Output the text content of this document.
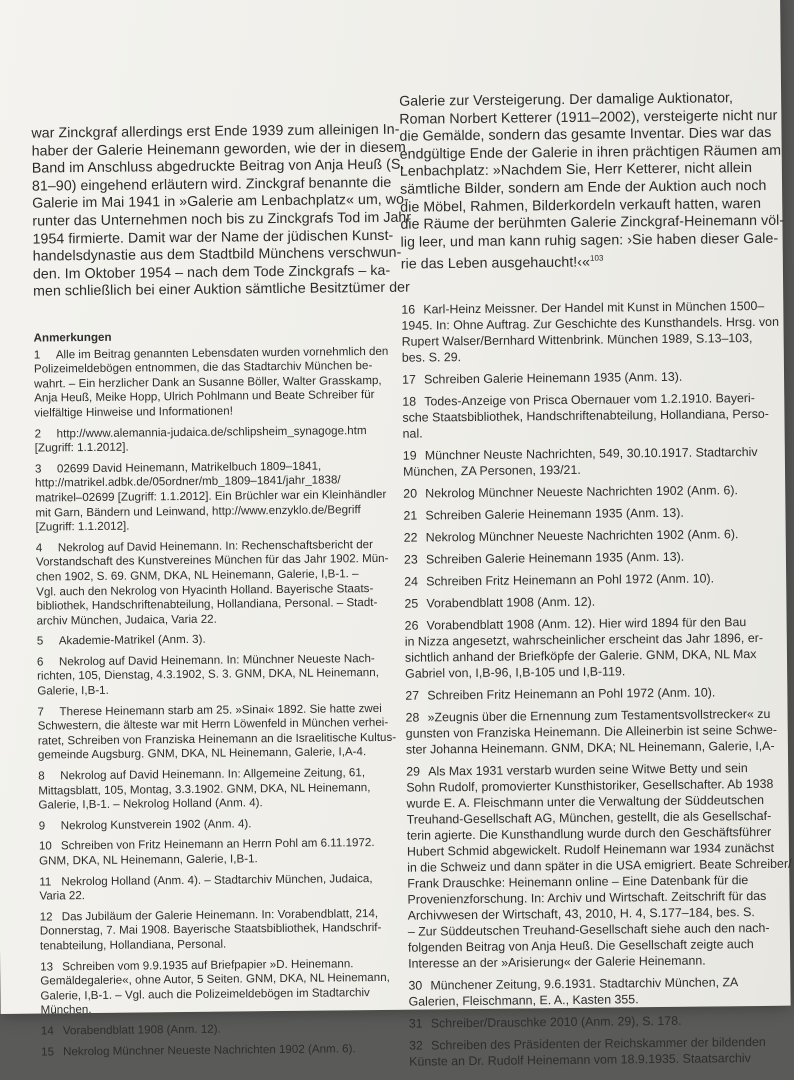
war Zinckgraf allerdings erst Ende 1939 zum alleinigen In-

haber der Galerie Heinemann geworden, wie der in diesem

Band im Anschluss abgedruckte Beitrag von Anja Heuß (S.

81–90) eingehend erläutern wird. Zinckgraf benannte die

Galerie im Mai 1941 in »Galerie am Lenbachplatz« um, wo-

runter das Unternehmen noch bis zu Zinckgrafs Tod im Jahr

1954 firmierte. Damit war der Name der jüdischen Kunst-

handelsdynastie aus dem Stadtbild Münchens verschwun-

den. Im Oktober 1954 – nach dem Tode Zinckgrafs – ka-

men schließlich bei einer Auktion sämtliche Besitztümer der

Galerie zur Versteigerung. Der damalige Auktionator,

Roman Norbert Ketterer (1911–2002), versteigerte nicht nur

die Gemälde, sondern das gesamte Inventar. Dies war das

endgültige Ende der Galerie in ihren prächtigen Räumen am

Lenbachplatz: »Nachdem Sie, Herr Ketterer, nicht allein

sämtliche Bilder, sondern am Ende der Auktion auch noch

die Möbel, Rahmen, Bilderkordeln verkauft hatten, waren

die Räume der berühmten Galerie Zinckgraf-Heinemann völ-

lig leer, und man kann ruhig sagen: ›Sie haben dieser Gale-

rie das Leben ausgehaucht!‹«$^{103}$

Anmerkungen
1 Alle im Beitrag genannten Lebensdaten wurden vornehmlich den
Polizeimeldebögen entnommen, die das Stadtarchiv München be-
wahrt. – Ein herzlicher Dank an Susanne Böller, Walter Grasskamp,
Anja Heuß, Meike Hopp, Ulrich Pohlmann und Beate Schreiber für
vielfältige Hinweise und Informationen!
2 http://www.alemannia-judaica.de/schlipsheim_synagoge.htm
[Zugriff: 1.1.2012].
3 02699 David Heinemann, Matrikelbuch 1809–1841,
http://matrikel.adbk.de/05ordner/mb_1809–1841/jahr_1838/
matrikel–02699 [Zugriff: 1.1.2012]. Ein Brüchler war ein Kleinhändler
mit Garn, Bändern und Leinwand, http://www.enzyklo.de/Begriff
[Zugriff: 1.1.2012].
4 Nekrolog auf David Heinemann. In: Rechenschaftsbericht der
Vorstandschaft des Kunstvereines München für das Jahr 1902. Mün-
chen 1902, S. 69. GNM, DKA, NL Heinemann, Galerie, I,B-1. –
Vgl. auch den Nekrolog von Hyacinth Holland. Bayerische Staats-
bibliothek, Handschriftenabteilung, Hollandiana, Personal. – Stadt-
archiv München, Judaica, Varia 22.
5 Akademie-Matrikel (Anm. 3).
6 Nekrolog auf David Heinemann. In: Münchner Neueste Nach-
richten, 105, Dienstag, 4.3.1902, S. 3. GNM, DKA, NL Heinemann,
Galerie, I,B-1.
7 Therese Heinemann starb am 25. »Sinai« 1892. Sie hatte zwei
Schwestern, die älteste war mit Herrn Löwenfeld in München verhei-
ratet, Schreiben von Franziska Heinemann an die Israelitische Kultus-
gemeinde Augsburg. GNM, DKA, NL Heinemann, Galerie, I,A-4.
8 Nekrolog auf David Heinemann. In: Allgemeine Zeitung, 61,
Mittagsblatt, 105, Montag, 3.3.1902. GNM, DKA, NL Heinemann,
Galerie, I,B-1. – Nekrolog Holland (Anm. 4).
9 Nekrolog Kunstverein 1902 (Anm. 4).
10 Schreiben von Fritz Heinemann an Herrn Pohl am 6.11.1972.
GNM, DKA, NL Heinemann, Galerie, I,B-1.
11 Nekrolog Holland (Anm. 4). – Stadtarchiv München, Judaica,
Varia 22.
12 Das Jubiläum der Galerie Heinemann. In: Vorabendblatt, 214,
Donnerstag, 7. Mai 1908. Bayerische Staatsbibliothek, Handschrif-
tenabteilung, Hollandiana, Personal.
13 Schreiben vom 9.9.1935 auf Briefpapier »D. Heinemann.
Gemäldegalerie«, ohne Autor, 5 Seiten. GNM, DKA, NL Heinemann,
Galerie, I,B-1. – Vgl. auch die Polizeimeldebögen im Stadtarchiv
München.
14 Vorabendblatt 1908 (Anm. 12).
15 Nekrolog Münchner Neueste Nachrichten 1902 (Anm. 6).
16 Karl-Heinz Meissner. Der Handel mit Kunst in München 1500–
1945. In: Ohne Auftrag. Zur Geschichte des Kunsthandels. Hrsg. von
Rupert Walser/Bernhard Wittenbrink. München 1989, S.13–103,
bes. S. 29.
17 Schreiben Galerie Heinemann 1935 (Anm. 13).
18 Todes-Anzeige von Prisca Obernauer vom 1.2.1910. Bayeri-
sche Staatsbibliothek, Handschriftenabteilung, Hollandiana, Perso-
nal.
19 Münchner Neuste Nachrichten, 549, 30.10.1917. Stadtarchiv
München, ZA Personen, 193/21.
20 Nekrolog Münchner Neueste Nachrichten 1902 (Anm. 6).
21 Schreiben Galerie Heinemann 1935 (Anm. 13).
22 Nekrolog Münchner Neueste Nachrichten 1902 (Anm. 6).
23 Schreiben Galerie Heinemann 1935 (Anm. 13).
24 Schreiben Fritz Heinemann an Pohl 1972 (Anm. 10).
25 Vorabendblatt 1908 (Anm. 12).
26 Vorabendblatt 1908 (Anm. 12). Hier wird 1894 für den Bau
in Nizza angesetzt, wahrscheinlicher erscheint das Jahr 1896, er-
sichtlich anhand der Briefköpfe der Galerie. GNM, DKA, NL Max
Gabriel von, I,B-96, I,B-105 und I,B-119.
27 Schreiben Fritz Heinemann an Pohl 1972 (Anm. 10).
28 »Zeugnis über die Ernennung zum Testamentsvollstrecker« zu
gunsten von Franziska Heinemann. Die Alleinerbin ist seine Schwe-
ster Johanna Heinemann. GNM, DKA; NL Heinemann, Galerie, I,A-
29 Als Max 1931 verstarb wurden seine Witwe Betty und sein
Sohn Rudolf, promovierter Kunsthistoriker, Gesellschafter. Ab 1938
wurde E. A. Fleischmann unter die Verwaltung der Süddeutschen
Treuhand-Gesellschaft AG, München, gestellt, die als Gesellschaf-
terin agierte. Die Kunsthandlung wurde durch den Geschäftsführer
Hubert Schmid abgewickelt. Rudolf Heinemann war 1934 zunächst
in die Schweiz und dann später in die USA emigriert. Beate Schreiber/
Frank Drauschke: Heinemann online – Eine Datenbank für die
Provenienzforschung. In: Archiv und Wirtschaft. Zeitschrift für das
Archivwesen der Wirtschaft, 43, 2010, H. 4, S.177–184, bes. S.
– Zur Süddeutschen Treuhand-Gesellschaft siehe auch den nach-
folgenden Beitrag von Anja Heuß. Die Gesellschaft zeigte auch
Interesse an der »Arisierung« der Galerie Heinemann.
30 Münchener Zeitung, 9.6.1931. Stadtarchiv München, ZA
Galerien, Fleischmann, E. A., Kasten 355.
31 Schreiber/Drauschke 2010 (Anm. 29), S. 178.
32 Schreiben des Präsidenten der Reichskammer der bildenden
Künste an Dr. Rudolf Heinemann vom 18.9.1935. Staatsarchiv
